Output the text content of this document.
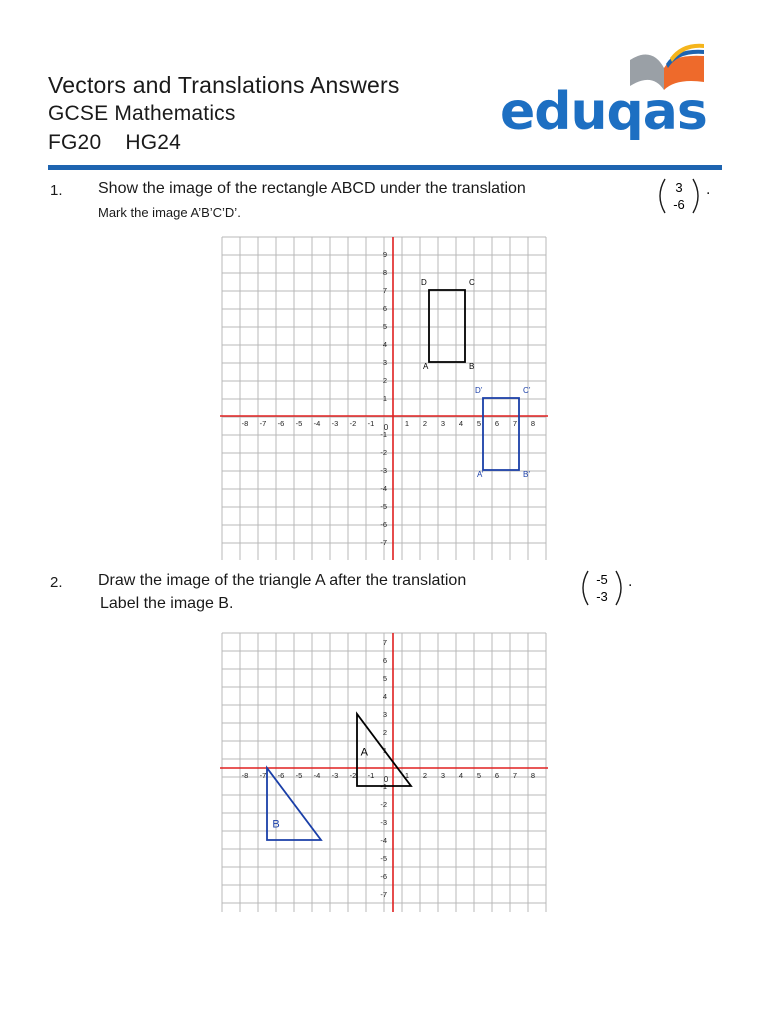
Vectors and Translations Answers
GCSE Mathematics
FG20 HG24
eduqas
1. Show the image of the rectangle ABCD under the translation	3
-6
.
Mark the image A’B’C’D’.
2. Draw the image of the triangle A after the translation	-5
-3
.
Label the image B.
-8 -7 -6 -5 -4 -3 -2 -1	1 2 3 4 5 6 7 8
9
8
7
6
5
4
3
2
1
-1
-2
-3
-4
-5
-6
-7
0
A	B
C
D
A’	B’
C’
D’
-8 -7 -6 -5 -4 -3 -2 -1	1 2 3 4 5 6 7 8
7
6
5
4
3
2
1
-1
-2
-3
-4
-5
-6
-7
0
A
B
